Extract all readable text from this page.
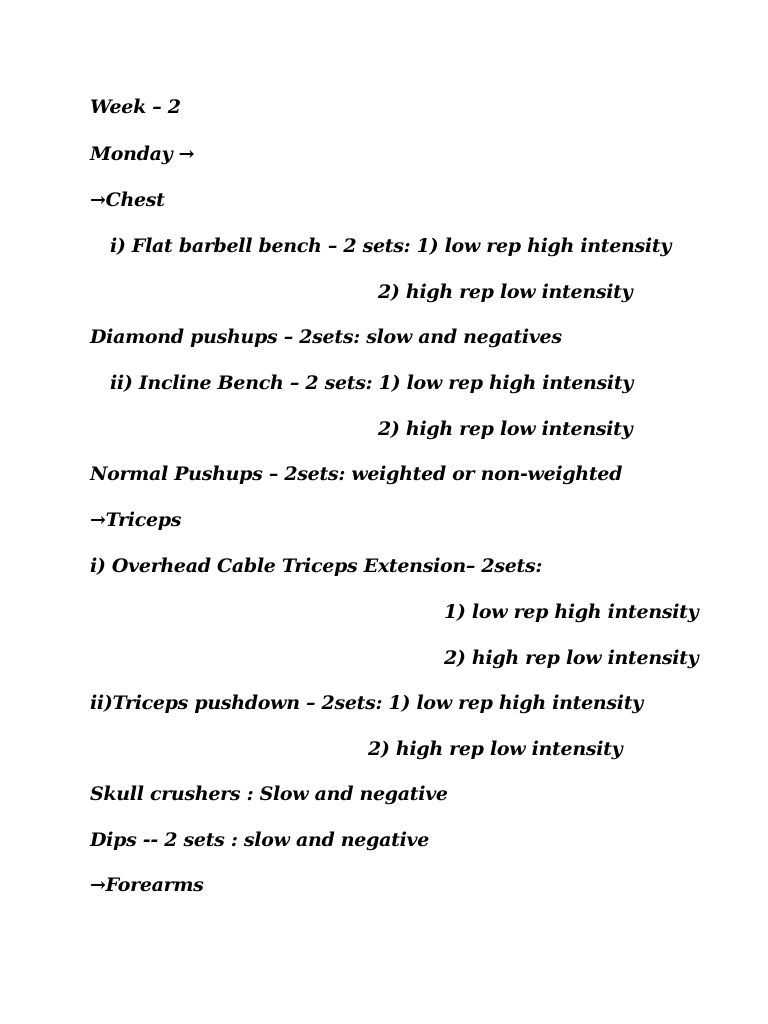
Week – 2
Monday →
→Chest
i) Flat barbell bench – 2 sets: 1) low rep high intensity
2) high rep low intensity
Diamond pushups – 2sets: slow and negatives
ii) Incline Bench – 2 sets: 1) low rep high intensity
2) high rep low intensity
Normal Pushups – 2sets: weighted or non-weighted
→Triceps
i) Overhead Cable Triceps Extension– 2sets:
1) low rep high intensity
2) high rep low intensity
ii)Triceps pushdown – 2sets: 1) low rep high intensity
2) high rep low intensity
Skull crushers : Slow and negative
Dips -- 2 sets : slow and negative
→Forearms
